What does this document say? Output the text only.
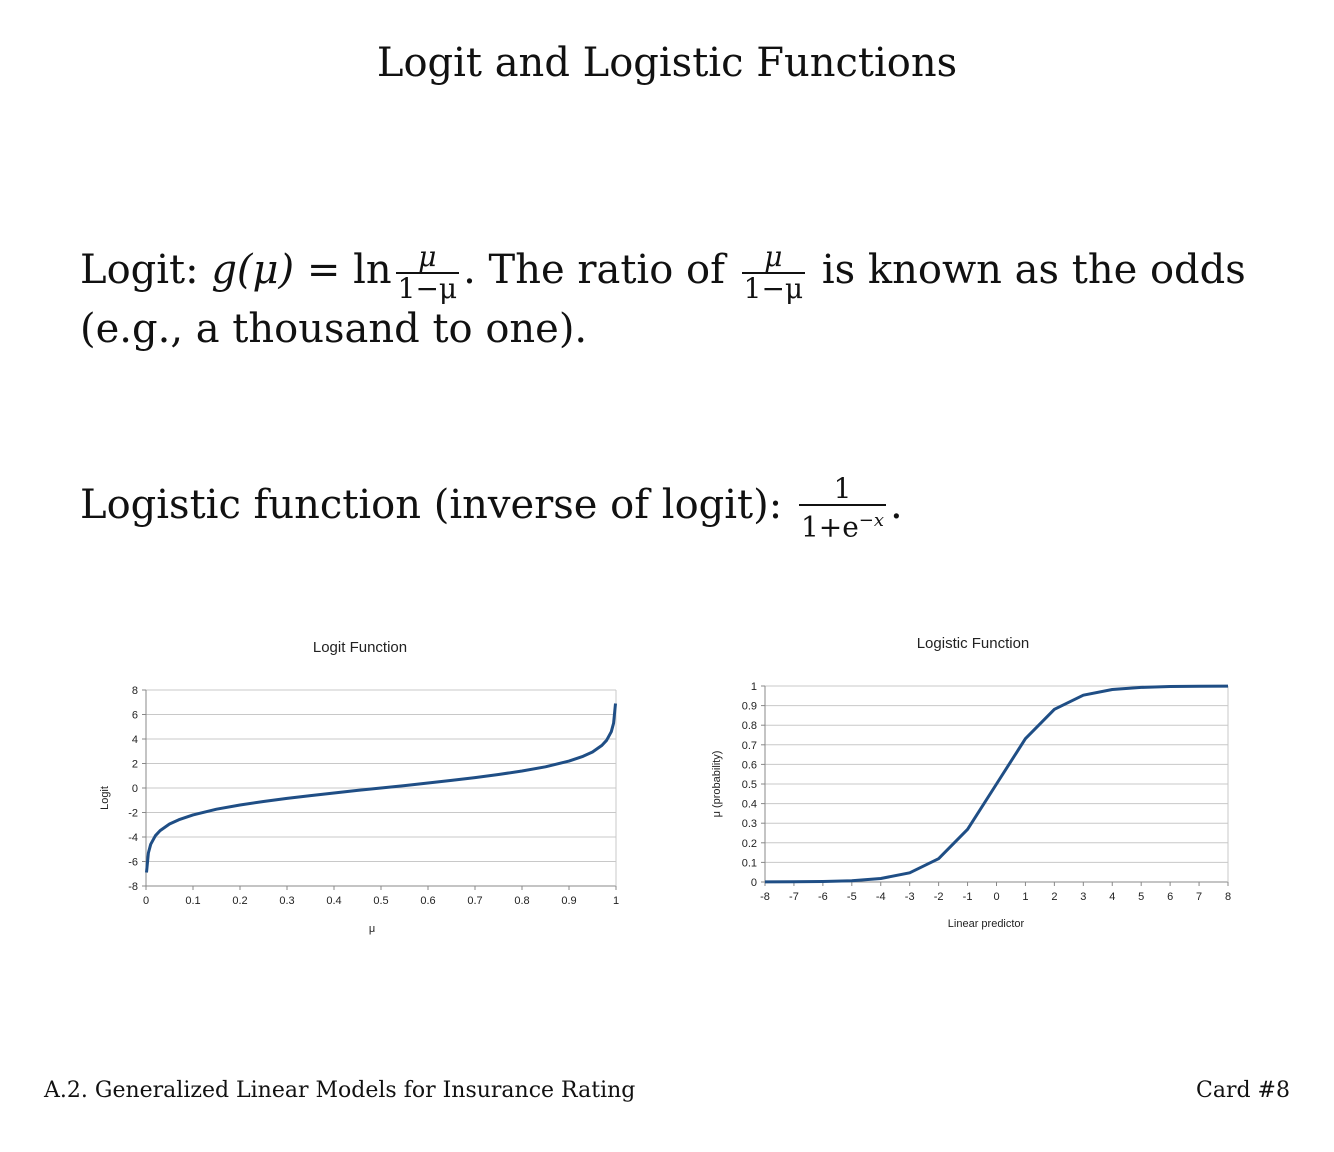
Logit and Logistic Functions
Logit: $g(\mu) = \ln \frac{\mu}{1-\mu}$ . The ratio of $\frac{\mu}{1-\mu}$ is known as the odds
(e.g., a thousand to one).
Logistic function (inverse of logit): $\frac{1}{1+e^{-x}}$ .
Logit Function
Logit
μ
8
6
4
2
0
-2
-4
-6
-8
0	0.1	0.2	0.3	0.4	0.5	0.6	0.7	0.8	0.9	1
Logistic Function
μ (probability)
Linear predictor
1
0.9
0.8
0.7
0.6
0.5
0.4
0.3
0.2
0.1
0
-8 -7 -6 -5 -4 -3 -2 -1 0 1 2 3 4 5 6 7 8
A.2. Generalized Linear Models for Insurance Rating	Card #8
